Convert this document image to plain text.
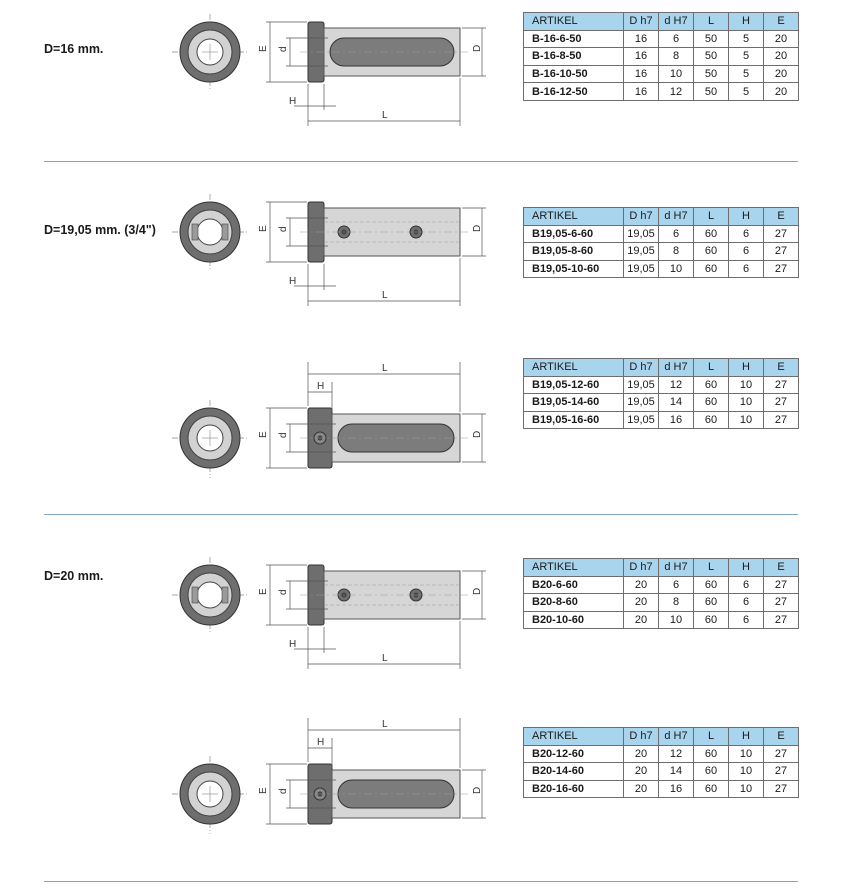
D=16 mm.	E d	D
H
L
ARTIKEL	D h7	d H7	L	H	E
B-16-6-50	16	6	50	5	20
B-16-8-50	16	8	50	5	20
B-16-10-50	16	10	50	5	20
B-16-12-50	16	12	50	5	20
D=19,05 mm. (3/4")	E d	D
H
L
ARTIKEL	D h7	d H7	L	H	E
B19,05-6-60	19,05	6	60	6	27
B19,05-8-60	19,05	8	60	6	27
B19,05-10-60	19,05	10	60	6	27
E d	D
H
L	ARTIKEL	D h7	d H7	L	H	E
B19,05-12-60	19,05	12	60	10	27
B19,05-14-60	19,05	14	60	10	27
B19,05-16-60	19,05	16	60	10	27
D=20 mm.
E d	D
H
L
ARTIKEL	D h7	d H7	L	H	E
B20-6-60	20	6	60	6	27
B20-8-60	20	8	60	6	27
B20-10-60	20	10	60	6	27
E d	D
H
L
ARTIKEL	D h7	d H7	L	H	E
B20-12-60	20	12	60	10	27
B20-14-60	20	14	60	10	27
B20-16-60	20	16	60	10	27
